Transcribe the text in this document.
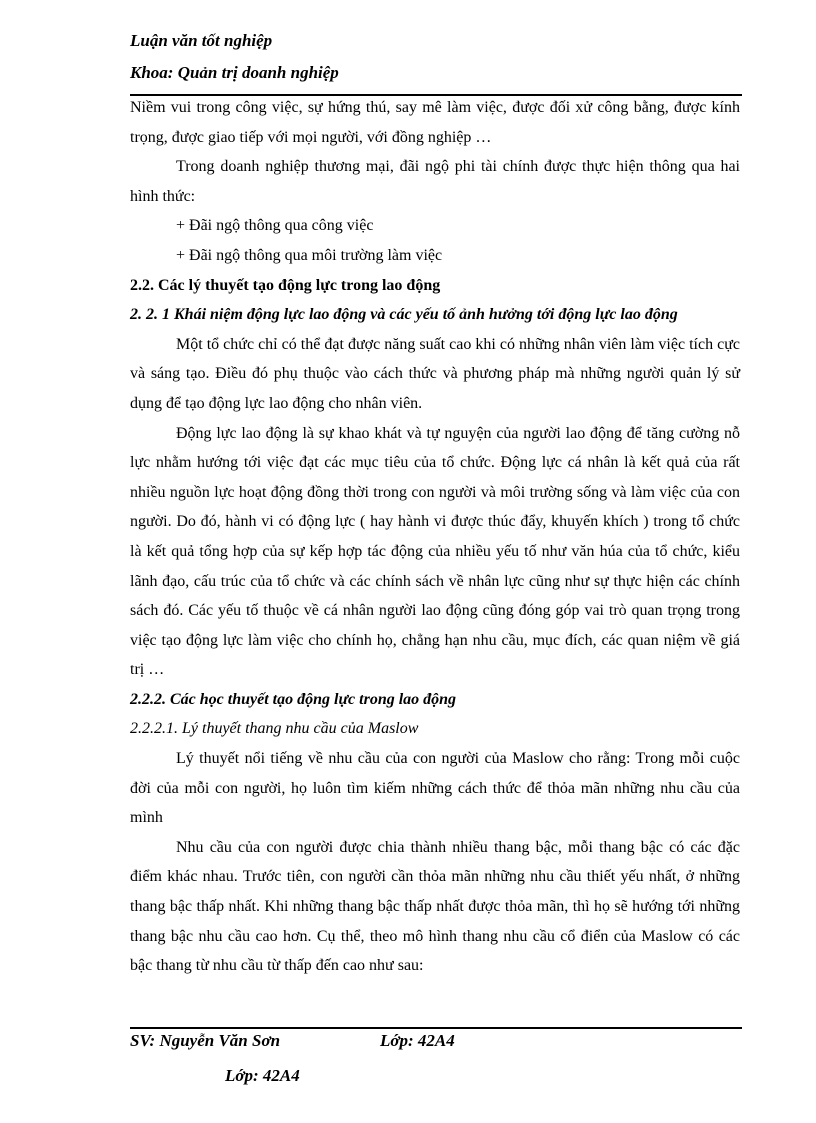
Luận văn tốt nghiệp
Khoa: Quản trị doanh nghiệp

Niềm vui trong công việc, sự hứng thú, say mê làm việc, được đối xử công bằng, được kính trọng, được giao tiếp với mọi người, với đồng nghiệp …

Trong doanh nghiệp thương mại, đãi ngộ phi tài chính được thực hiện thông qua hai hình thức:

+ Đãi ngộ thông qua công việc

+ Đãi ngộ thông qua môi trường làm việc

2.2. Các lý thuyết tạo động lực trong lao động

2. 2. 1 Khái niệm động lực lao động và các yếu tố ảnh hưởng tới động lực lao động

Một tổ chức chỉ có thể đạt được năng suất cao khi có những nhân viên làm việc tích cực và sáng tạo. Điều đó phụ thuộc vào cách thức và phương pháp mà những người quản lý sử dụng để tạo động lực lao động cho nhân viên.

Động lực lao động là sự khao khát và tự nguyện của người lao động để tăng cường nỗ lực nhằm hướng tới việc đạt các mục tiêu của tổ chức. Động lực cá nhân là kết quả của rất nhiều nguồn lực hoạt động đồng thời trong con người và môi trường sống và làm việc của con người. Do đó, hành vi có động lực ( hay hành vi được thúc đẩy, khuyến khích ) trong tổ chức là kết quả tổng hợp của sự kếp hợp tác động của nhiều yếu tố như văn húa của tổ chức, kiểu lãnh đạo, cấu trúc của tổ chức và các chính sách về nhân lực cũng như sự thực hiện các chính sách đó. Các yếu tố thuộc về cá nhân người lao động cũng đóng góp vai trò quan trọng trong việc tạo động lực làm việc cho chính họ, chẳng hạn nhu cầu, mục đích, các quan niệm về giá trị …

2.2.2. Các học thuyết tạo động lực trong lao động

2.2.2.1. Lý thuyết thang nhu cầu của Maslow

Lý thuyết nổi tiếng về nhu cầu của con người của Maslow cho rằng: Trong mỗi cuộc đời của mỗi con người, họ luôn tìm kiếm những cách thức để thỏa mãn những nhu cầu của mình

Nhu cầu của con người được chia thành nhiều thang bậc, mỗi thang bậc có các đặc điểm khác nhau. Trước tiên, con người cần thỏa mãn những nhu cầu thiết yếu nhất, ở những thang bậc thấp nhất. Khi những thang bậc thấp nhất được thỏa mãn, thì họ sẽ hướng tới những thang bậc nhu cầu cao hơn. Cụ thể, theo mô hình thang nhu cầu cổ điển của Maslow có các bậc thang từ nhu cầu từ thấp đến cao như sau:

SV: Nguyễn Văn Sơn	Lớp: 42A4
Lớp: 42A4
